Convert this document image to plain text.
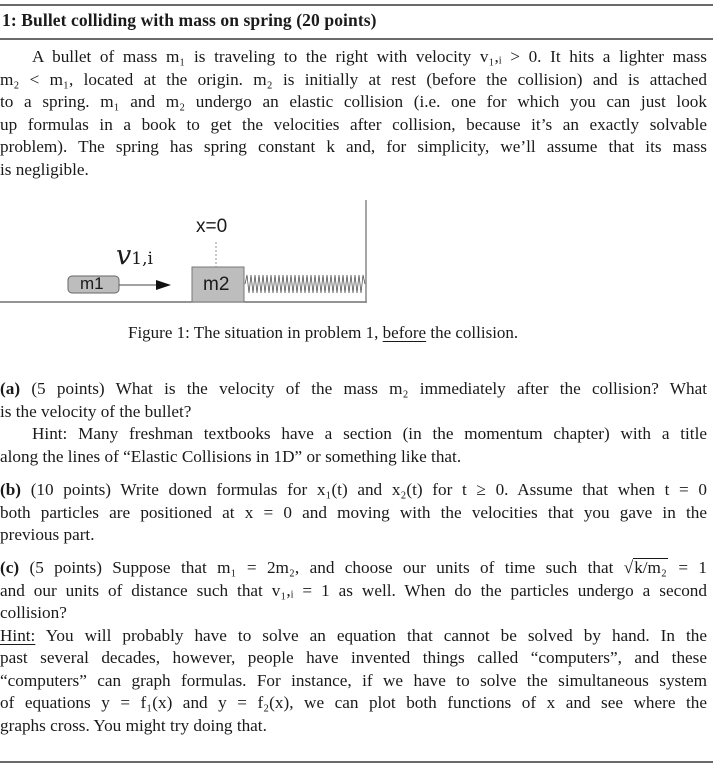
1: Bullet colliding with mass on spring (20 points)
A bullet of mass m₁ is traveling to the right with velocity v₁,ᵢ > 0. It hits a lighter mass
m₂ < m₁, located at the origin. m₂ is initially at rest (before the collision) and is attached
to a spring. m₁ and m₂ undergo an elastic collision (i.e. one for which you can just look
up formulas in a book to get the velocities after collision, because it’s an exactly solvable
problem). The spring has spring constant k and, for simplicity, we’ll assume that its mass
is negligible.
x=0
m1	m2
v1,i
Figure 1: The situation in problem 1, before the collision.
(a) (5 points) What is the velocity of the mass m₂ immediately after the collision? What
is the velocity of the bullet?
Hint: Many freshman textbooks have a section (in the momentum chapter) with a title
along the lines of “Elastic Collisions in 1D” or something like that.
(b) (10 points) Write down formulas for x₁(t) and x₂(t) for t ≥ 0. Assume that when t = 0
both particles are positioned at x = 0 and moving with the velocities that you gave in the
previous part.
(c) (5 points) Suppose that m₁ = 2m₂, and choose our units of time such that √k/m₂ = 1
and our units of distance such that v₁,ᵢ = 1 as well. When do the particles undergo a second
collision?
Hint: You will probably have to solve an equation that cannot be solved by hand. In the
past several decades, however, people have invented things called “computers”, and these
“computers” can graph formulas. For instance, if we have to solve the simultaneous system
of equations y = f₁(x) and y = f₂(x), we can plot both functions of x and see where the
graphs cross. You might try doing that.
